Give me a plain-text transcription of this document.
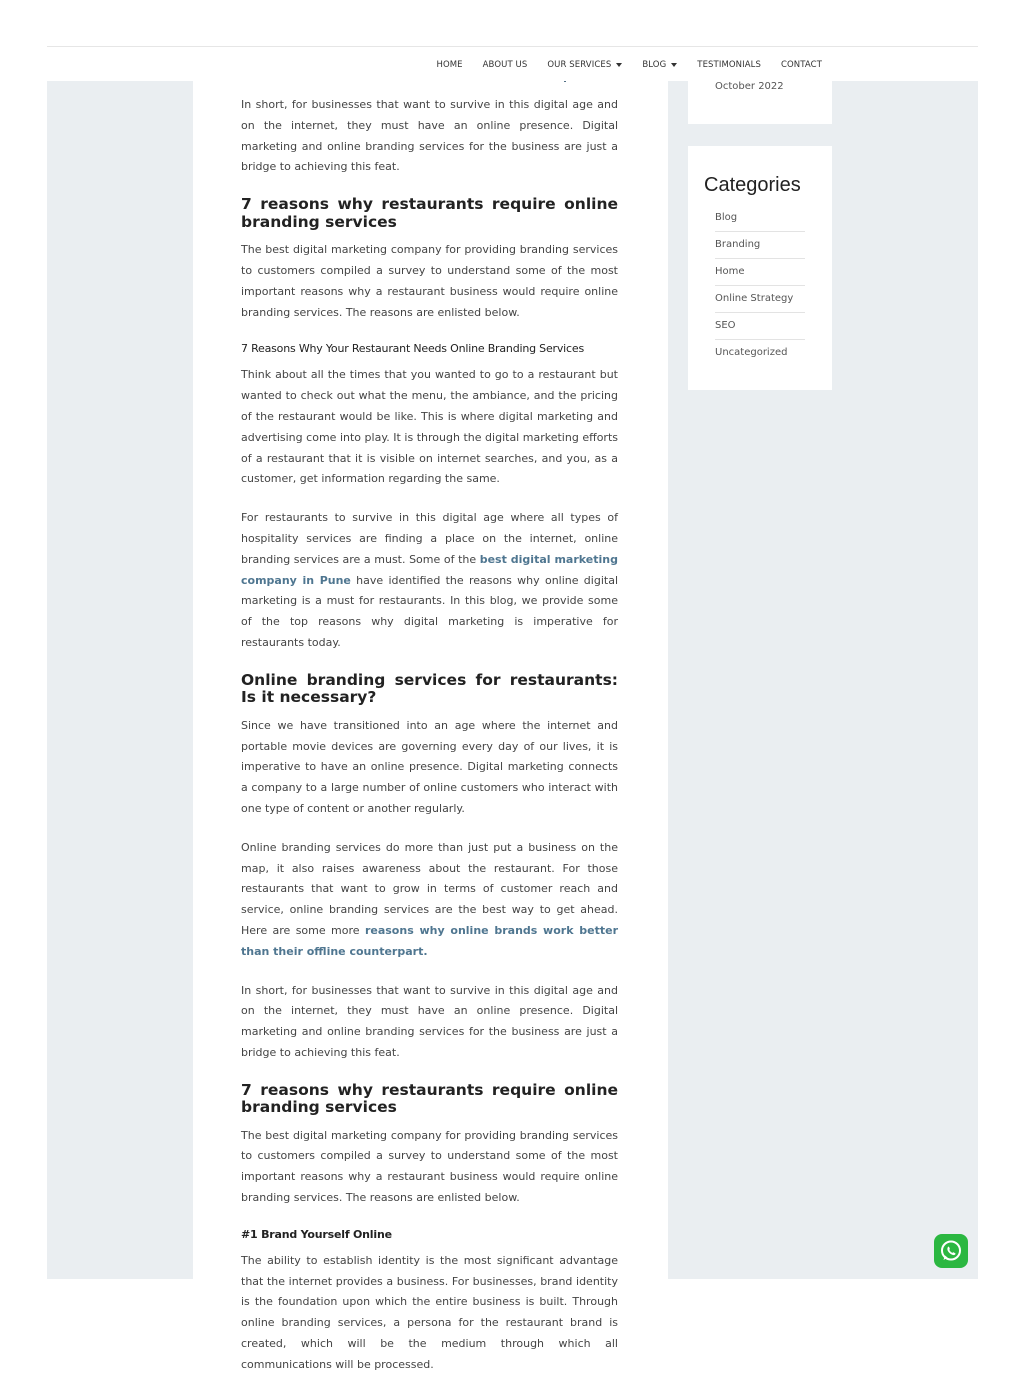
In short, for businesses that want to survive in this digital age and on the internet, they must have an online presence. Digital marketing and online branding services for the business are just a bridge to achieving this feat.

7 reasons why restaurants require online branding services

The best digital marketing company for providing branding services to customers compiled a survey to understand some of the most important reasons why a restaurant business would require online branding services. The reasons are enlisted below.

7 Reasons Why Your Restaurant Needs Online Branding Services

Think about all the times that you wanted to go to a restaurant but wanted to check out what the menu, the ambiance, and the pricing of the restaurant would be like. This is where digital marketing and advertising come into play. It is through the digital marketing efforts of a restaurant that it is visible on internet searches, and you, as a customer, get information regarding the same.

For restaurants to survive in this digital age where all types of hospitality services are finding a place on the internet, online branding services are a must. Some of the best digital marketing company in Pune have identified the reasons why online digital marketing is a must for restaurants. In this blog, we provide some of the top reasons why digital marketing is imperative for restaurants today.

Online branding services for restaurants: Is it necessary?

Since we have transitioned into an age where the internet and portable movie devices are governing every day of our lives, it is imperative to have an online presence. Digital marketing connects a company to a large number of online customers who interact with one type of content or another regularly.

Online branding services do more than just put a business on the map, it also raises awareness about the restaurant. For those restaurants that want to grow in terms of customer reach and service, online branding services are the best way to get ahead. Here are some more reasons why online brands work better than their offline counterpart.

In short, for businesses that want to survive in this digital age and on the internet, they must have an online presence. Digital marketing and online branding services for the business are just a bridge to achieving this feat.

7 reasons why restaurants require online branding services

The best digital marketing company for providing branding services to customers compiled a survey to understand some of the most important reasons why a restaurant business would require online branding services. The reasons are enlisted below.

#1 Brand Yourself Online

The ability to establish identity is the most significant advantage that the internet provides a business. For businesses, brand identity is the foundation upon which the entire business is built. Through online branding services, a persona for the restaurant brand is created, which will be the medium through which all communications will be processed.

October 2022
Categories
Blog
Branding
Home
Online Strategy
SEO
Uncategorized
HOME ABOUT US OUR SERVICES	BLOG	TESTIMONIALS CONTACT
